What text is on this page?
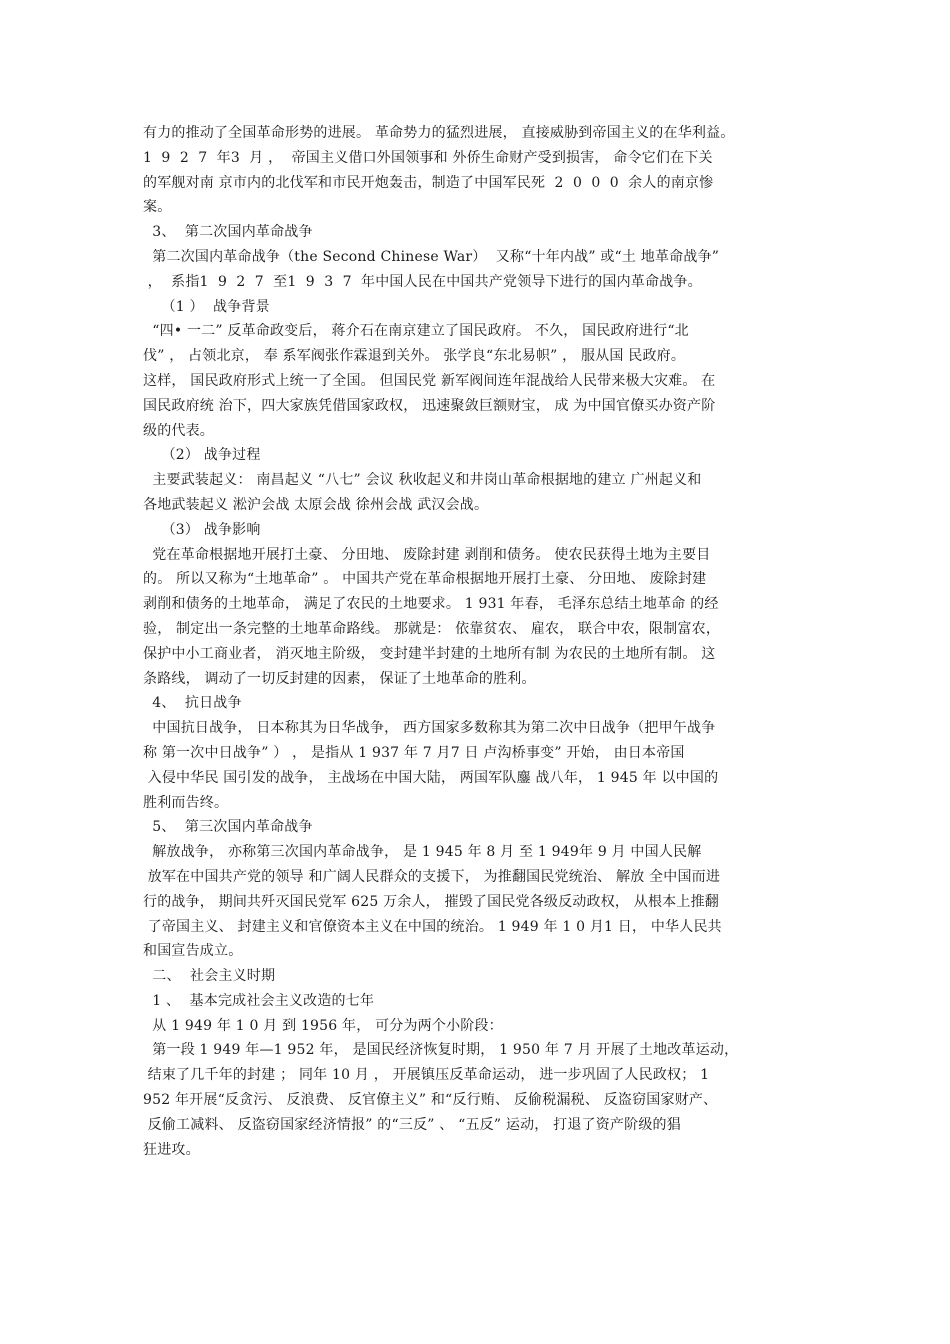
有力的推动了全国革命形势的进展。 革命势力的猛烈进展， 直接威胁到帝国主义的在华利益。
1  9  2  7  年3  月 ，  帝国主义借口外国领事和 外侨生命财产受到损害， 命令它们在下关
的军舰对南 京市内的北伐军和市民开炮轰击，制造了中国军民死  2  0  0  0  余人的南京惨
案。
3、  第二次国内革命战争
第二次国内革命战争（the Second Chinese War）  又称“十年内战” 或“土 地革命战争”
，  系指1  9  2  7  至1  9  3  7  年中国人民在中国共产党领导下进行的国内革命战争。
（1 ）  战争背景
“四• 一二” 反革命政变后， 蒋介石在南京建立了国民政府。 不久， 国民政府进行“北
伐” ， 占领北京， 奉 系军阀张作霖退到关外。 张学良“东北易帜” ， 服从国 民政府。
这样， 国民政府形式上统一了全国。 但国民党 新军阀间连年混战给人民带来极大灾难。 在
国民政府统 治下，四大家族凭借国家政权， 迅速聚敛巨额财宝， 成 为中国官僚买办资产阶
级的代表。
（2） 战争过程
主要武装起义： 南昌起义 “八七” 会议 秋收起义和井岗山革命根据地的建立 广州起义和
各地武装起义 淞沪会战 太原会战 徐州会战 武汉会战。
（3） 战争影响
党在革命根据地开展打土豪、 分田地、 废除封建 剥削和债务。 使农民获得土地为主要目
的。 所以又称为“土地革命” 。 中国共产党在革命根据地开展打土豪、 分田地、 废除封建
剥削和债务的土地革命， 满足了农民的土地要求。 1 931 年春， 毛泽东总结土地革命 的经
验， 制定出一条完整的土地革命路线。 那就是： 依靠贫农、 雇农， 联合中农，限制富农，
保护中小工商业者， 消灭地主阶级， 变封建半封建的土地所有制 为农民的土地所有制。 这
条路线， 调动了一切反封建的因素， 保证了土地革命的胜利。
4、  抗日战争
中国抗日战争， 日本称其为日华战争， 西方国家多数称其为第二次中日战争（把甲午战争
称 第一次中日战争” ） ， 是指从 1 937 年 7 月7 日 卢沟桥事变” 开始， 由日本帝国
入侵中华民 国引发的战争， 主战场在中国大陆， 两国军队鏖 战八年， 1 945 年 以中国的
胜利而告终。
5、  第三次国内革命战争
解放战争， 亦称第三次国内革命战争， 是 1 945 年 8 月 至 1 949年 9 月 中国人民解
放军在中国共产党的领导 和广阔人民群众的支援下， 为推翻国民党统治、 解放 全中国而进
行的战争， 期间共歼灭国民党军 625 万余人， 摧毁了国民党各级反动政权， 从根本上推翻
了帝国主义、 封建主义和官僚资本主义在中国的统治。 1 949 年 1 0 月1 日， 中华人民共
和国宣告成立。
二、  社会主义时期
1 、  基本完成社会主义改造的七年
从 1 949 年 1 0 月 到 1956 年， 可分为两个小阶段：
第一段 1 949 年—1 952 年， 是国民经济恢复时期， 1 950 年 7 月 开展了土地改革运动，
结束了几千年的封建 ； 同年 10 月 ， 开展镇压反革命运动， 进一步巩固了人民政权； 1
952 年开展“反贪污、 反浪费、 反官僚主义” 和“反行贿、 反偷税漏税、 反盗窃国家财产、
反偷工减料、 反盗窃国家经济情报” 的“三反” 、 “五反” 运动， 打退了资产阶级的猖
狂进攻。
